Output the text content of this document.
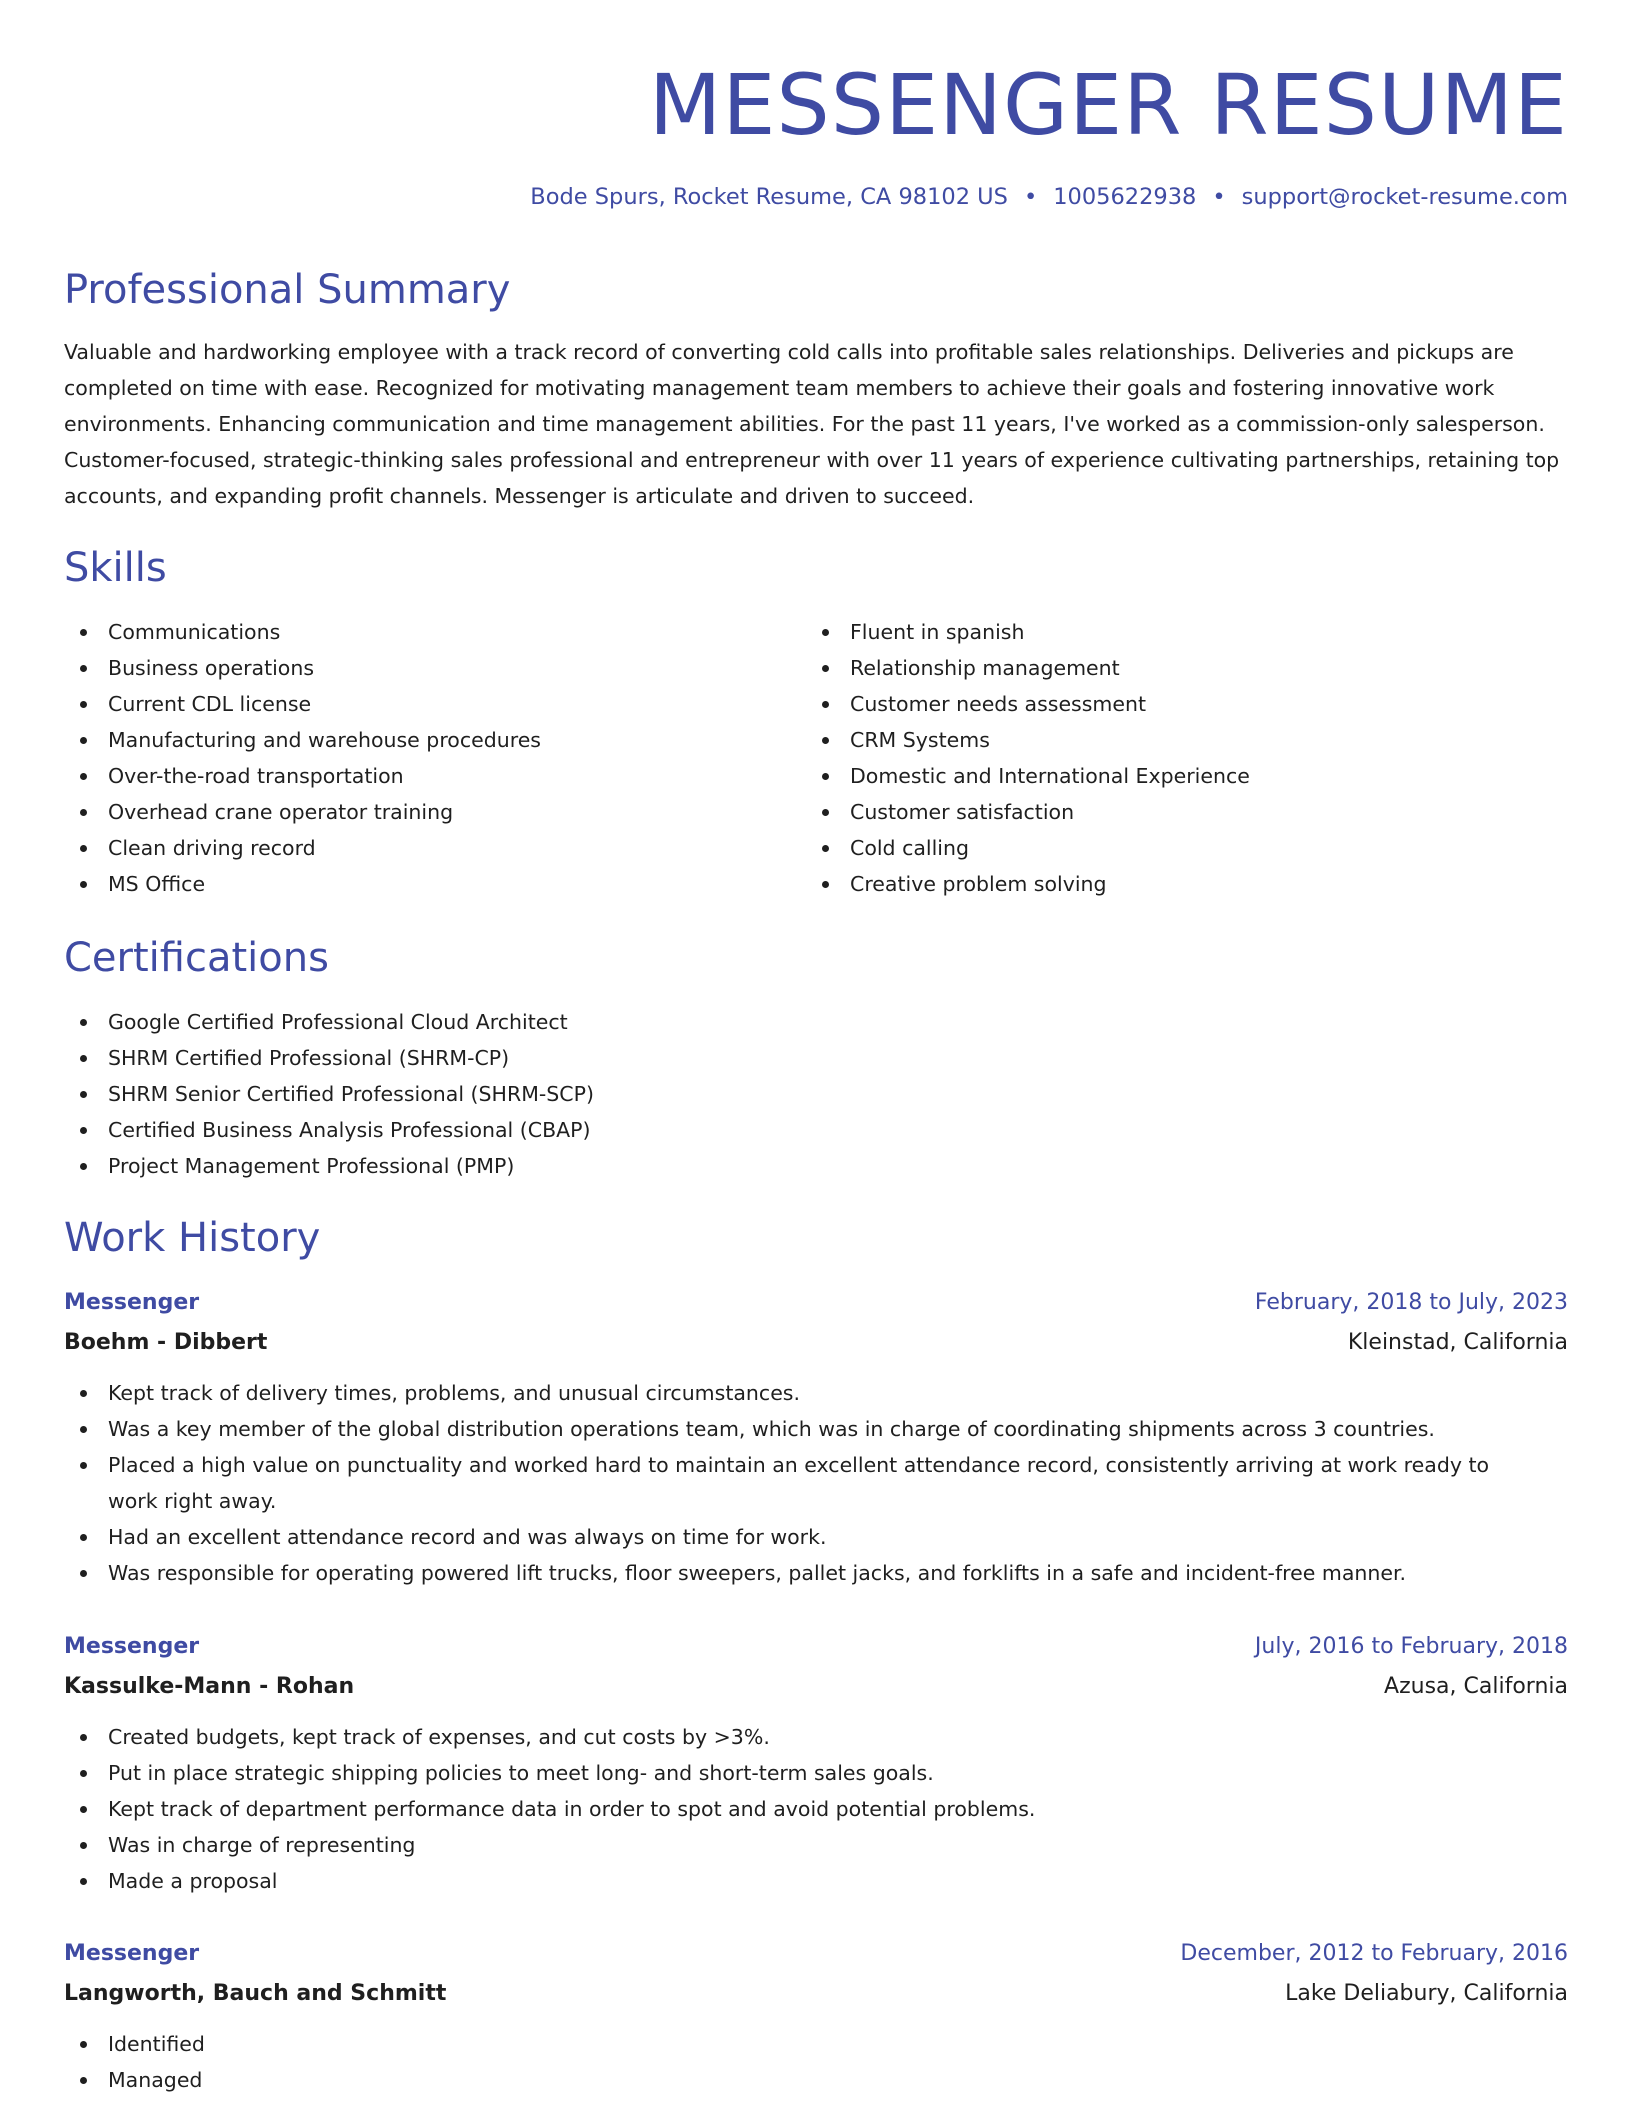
MESSENGER RESUME
Bode Spurs, Rocket Resume, CA 98102 US • 1005622938 • support@rocket-resume.com
Professional Summary

Valuable and hardworking employee with a track record of converting cold calls into profitable sales relationships. Deliveries and pickups are completed on time with ease. Recognized for motivating management team members to achieve their goals and fostering innovative work environments. Enhancing communication and time management abilities. For the past 11 years, I've worked as a commission-only salesperson. Customer-focused, strategic-thinking sales professional and entrepreneur with over 11 years of experience cultivating partnerships, retaining top accounts, and expanding profit channels. Messenger is articulate and driven to succeed.

Skills
Communications
Business operations
Current CDL license
Manufacturing and warehouse procedures
Over-the-road transportation
Overhead crane operator training
Clean driving record
MS Office
Fluent in spanish
Relationship management
Customer needs assessment
CRM Systems
Domestic and International Experience
Customer satisfaction
Cold calling
Creative problem solving
Certifications
Google Certified Professional Cloud Architect
SHRM Certified Professional (SHRM-CP)
SHRM Senior Certified Professional (SHRM-SCP)
Certified Business Analysis Professional (CBAP)
Project Management Professional (PMP)
Work History
Messenger	February, 2018 to July, 2023
Boehm - Dibbert	Kleinstad, California
Kept track of delivery times, problems, and unusual circumstances.
Was a key member of the global distribution operations team, which was in charge of coordinating shipments across 3 countries.
Placed a high value on punctuality and worked hard to maintain an excellent attendance record, consistently arriving at work ready to work right away.
Had an excellent attendance record and was always on time for work.
Was responsible for operating powered lift trucks, floor sweepers, pallet jacks, and forklifts in a safe and incident-free manner.
Messenger	July, 2016 to February, 2018
Kassulke-Mann - Rohan	Azusa, California
Created budgets, kept track of expenses, and cut costs by >3%.
Put in place strategic shipping policies to meet long- and short-term sales goals.
Kept track of department performance data in order to spot and avoid potential problems.
Was in charge of representing
Made a proposal
Messenger	December, 2012 to February, 2016
Langworth, Bauch and Schmitt	Lake Deliabury, California
Identified
Managed
